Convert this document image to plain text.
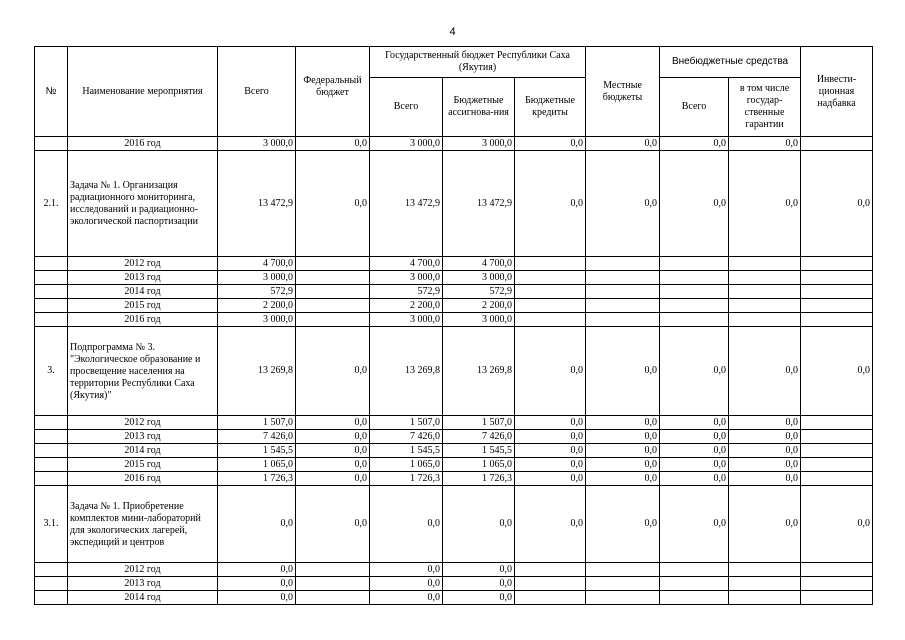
4
№	Наименование мероприятия	Всего	Федеральный бюджет	Государственный бюджет Республики Саха (Якутия)			Местные бюджеты	Внебюджетные средства		Инвести-ционная надбавка
				Всего	Бюджетные ассигнова-ния	Бюджетные кредиты		Всего	в том числе государ-ственные гарантии	
	2016 год	3 000,0	0,0	3 000,0	3 000,0	0,0	0,0	0,0	0,0	
2.1.	Задача № 1. Организация радиационного мониторинга, исследований и радиационно-экологической паспортизации	13 472,9	0,0	13 472,9	13 472,9	0,0	0,0	0,0	0,0	0,0
	2012 год	4 700,0		4 700,0	4 700,0					
	2013 год	3 000,0		3 000,0	3 000,0					
	2014 год	572,9		572,9	572,9					
	2015 год	2 200,0		2 200,0	2 200,0					
	2016 год	3 000,0		3 000,0	3 000,0					
3.	Подпрограмма № 3. "Экологическое образование и просвещение населения на территории Республики Саха (Якутия)"	13 269,8	0,0	13 269,8	13 269,8	0,0	0,0	0,0	0,0	0,0
	2012 год	1 507,0	0,0	1 507,0	1 507,0	0,0	0,0	0,0	0,0	
	2013 год	7 426,0	0,0	7 426,0	7 426,0	0,0	0,0	0,0	0,0	
	2014 год	1 545,5	0,0	1 545,5	1 545,5	0,0	0,0	0,0	0,0	
	2015 год	1 065,0	0,0	1 065,0	1 065,0	0,0	0,0	0,0	0,0	
	2016 год	1 726,3	0,0	1 726,3	1 726,3	0,0	0,0	0,0	0,0	
3.1.	Задача № 1. Приобретение комплектов мини-лабораторий для экологических лагерей, экспедиций и центров	0,0	0,0	0,0	0,0	0,0	0,0	0,0	0,0	0,0
	2012 год	0,0		0,0	0,0					
	2013 год	0,0		0,0	0,0					
	2014 год	0,0		0,0	0,0					
